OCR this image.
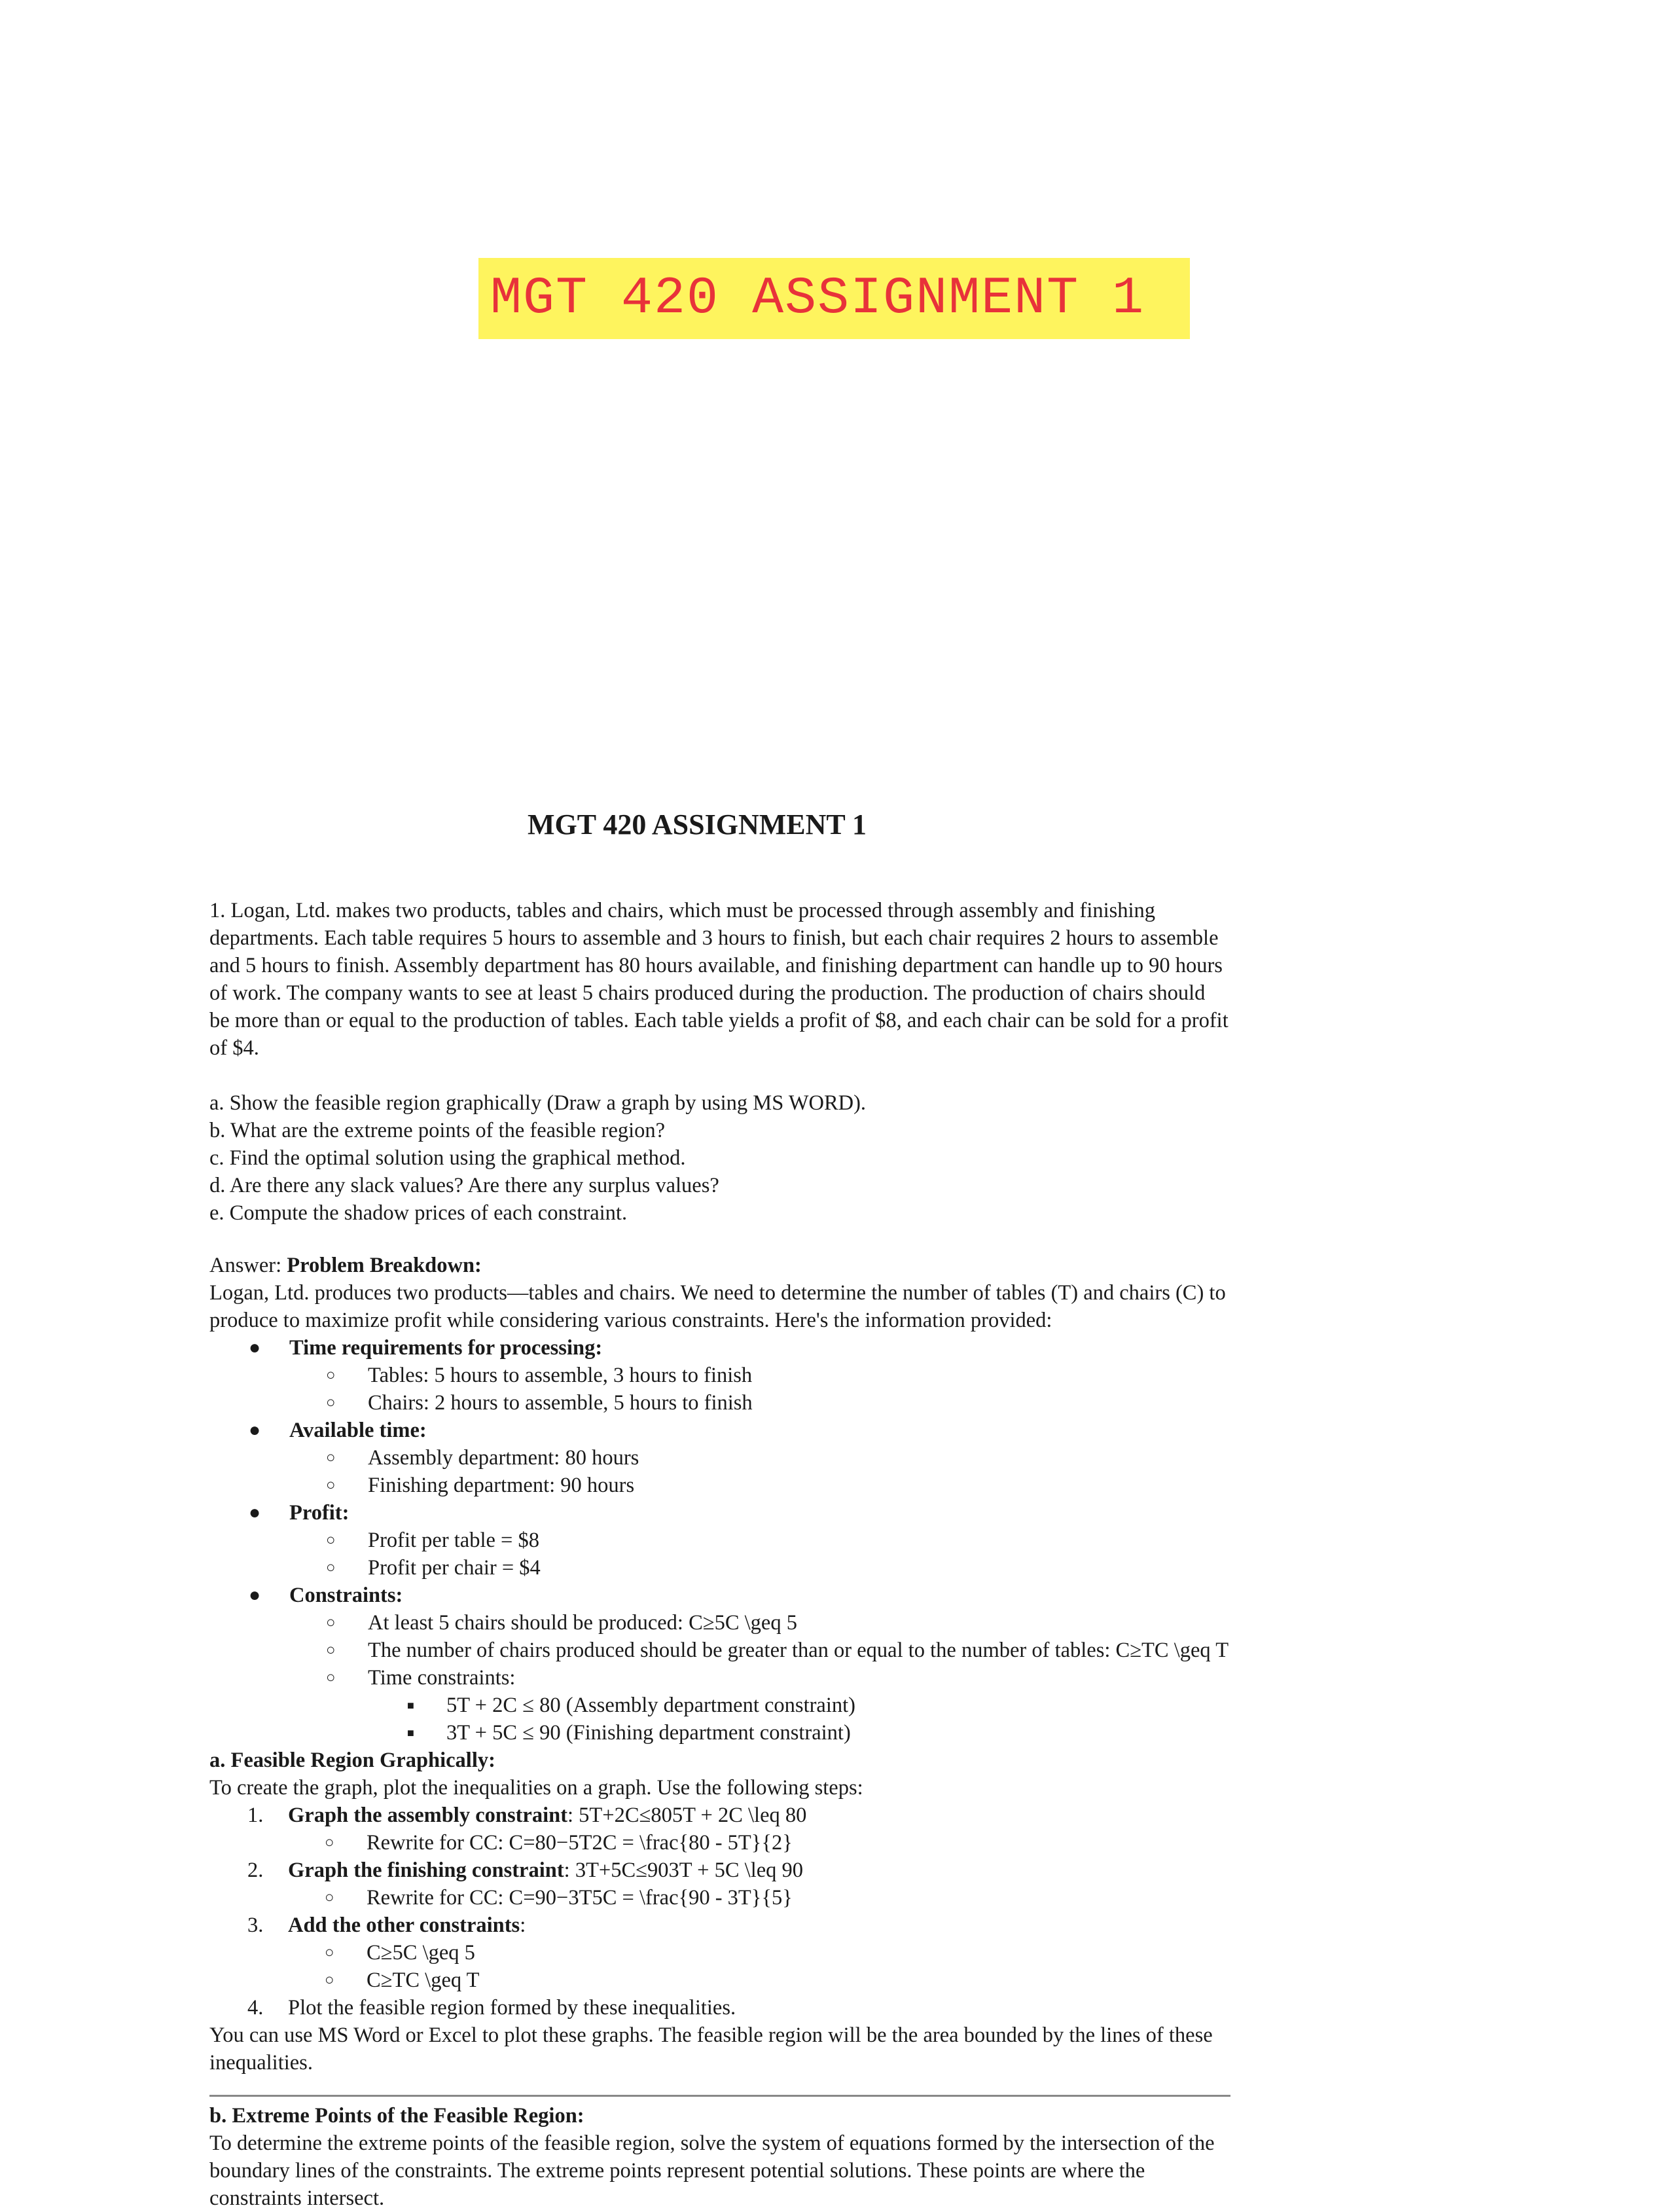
MGT 420 ASSIGNMENT 1
MGT 420 ASSIGNMENT 1

1. Logan, Ltd. makes two products, tables and chairs, which must be processed through assembly and finishing departments. Each table requires 5 hours to assemble and 3 hours to finish, but each chair requires 2 hours to assemble and 5 hours to finish. Assembly department has 80 hours available, and finishing department can handle up to 90 hours of work. The company wants to see at least 5 chairs produced during the production. The production of chairs should be more than or equal to the production of tables. Each table yields a profit of $8, and each chair can be sold for a profit of $4.

a. Show the feasible region graphically (Draw a graph by using MS WORD).
b. What are the extreme points of the feasible region?
c. Find the optimal solution using the graphical method.
d. Are there any slack values? Are there any surplus values?
e. Compute the shadow prices of each constraint.

Answer: Problem Breakdown:

Logan, Ltd. produces two products—tables and chairs. We need to determine the number of tables (T) and chairs (C) to produce to maximize profit while considering various constraints. Here's the information provided:

● Time requirements for processing:
○ Tables: 5 hours to assemble, 3 hours to finish
○ Chairs: 2 hours to assemble, 5 hours to finish
● Available time:
○ Assembly department: 80 hours
○ Finishing department: 90 hours
● Profit:
○ Profit per table = $8
○ Profit per chair = $4
● Constraints:
○ At least 5 chairs should be produced: C≥5C \geq 5
○ The number of chairs produced should be greater than or equal to the number of tables: C≥TC \geq T
○ Time constraints:
■ 5T + 2C ≤ 80 (Assembly department constraint)
■ 3T + 5C ≤ 90 (Finishing department constraint)

a. Feasible Region Graphically:

To create the graph, plot the inequalities on a graph. Use the following steps:

1. Graph the assembly constraint: 5T+2C≤805T + 2C \leq 80
○ Rewrite for CC: C=80−5T2C = \frac{80 - 5T}{2}
2. Graph the finishing constraint: 3T+5C≤903T + 5C \leq 90
○ Rewrite for CC: C=90−3T5C = \frac{90 - 3T}{5}
3. Add the other constraints:
○ C≥5C \geq 5
○ C≥TC \geq T
4. Plot the feasible region formed by these inequalities.

You can use MS Word or Excel to plot these graphs. The feasible region will be the area bounded by the lines of these inequalities.

b. Extreme Points of the Feasible Region:

To determine the extreme points of the feasible region, solve the system of equations formed by the intersection of the boundary lines of the constraints. The extreme points represent potential solutions. These points are where the constraints intersect.
